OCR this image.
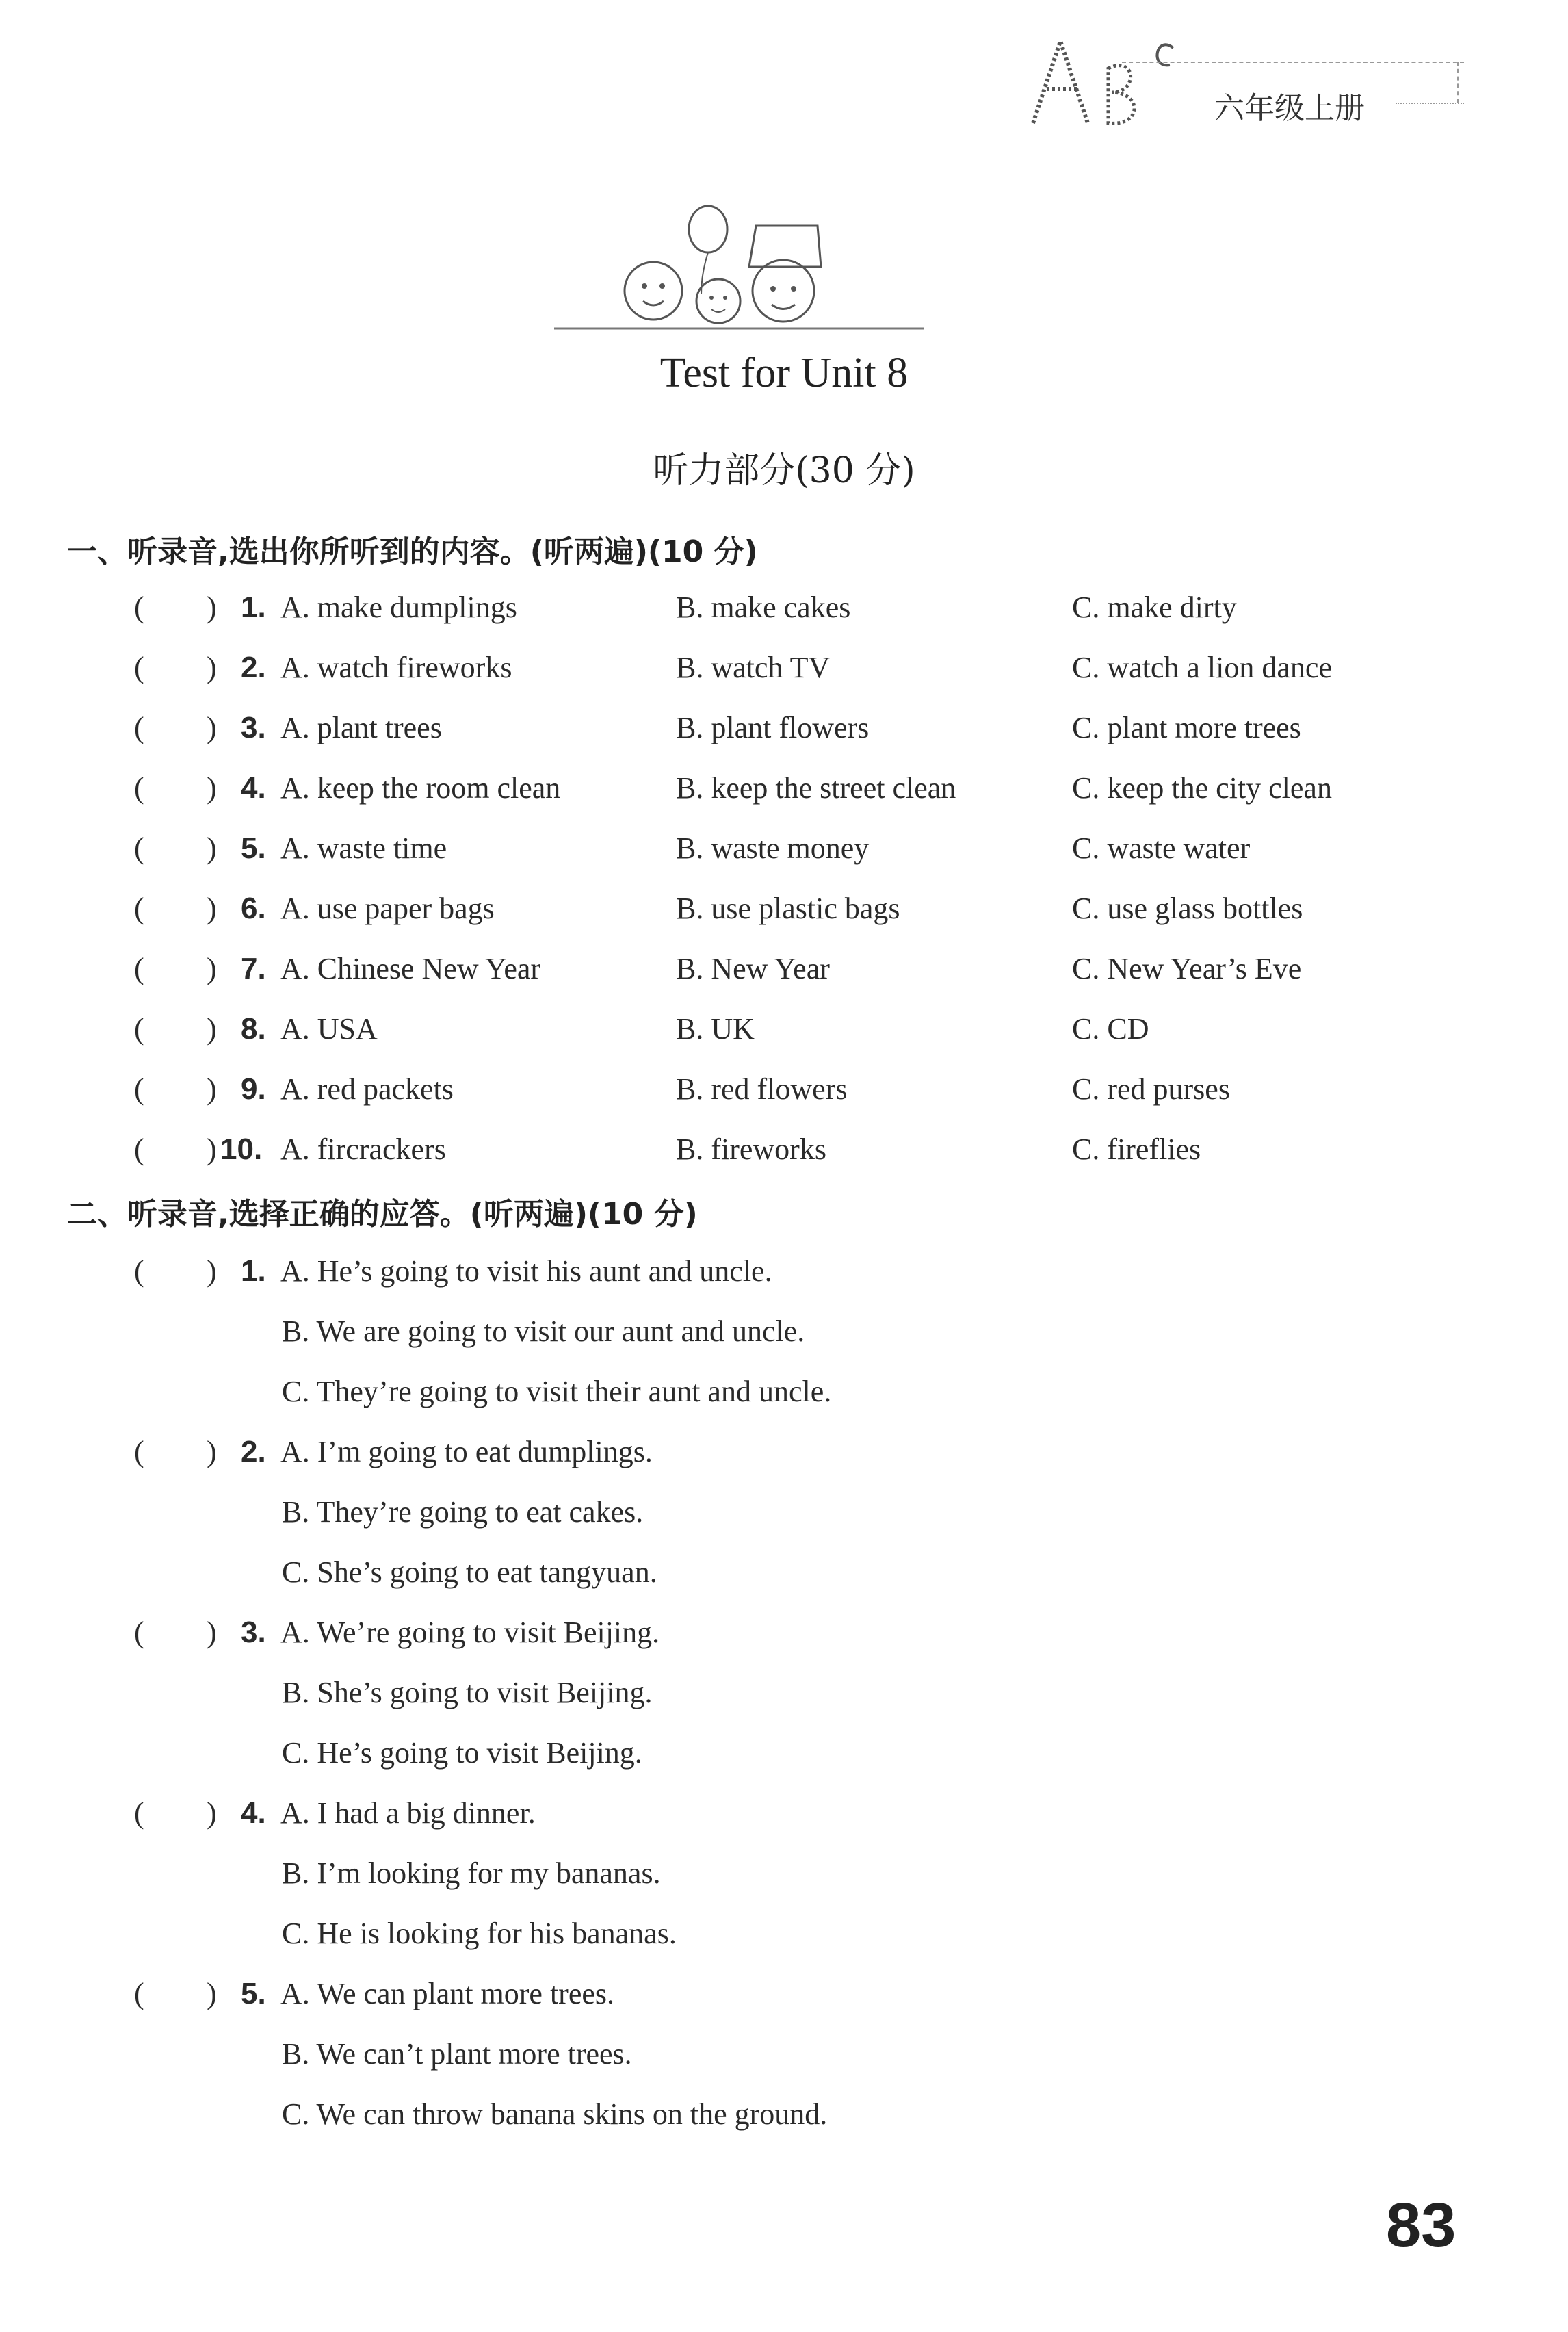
六年级上册
Test for Unit 8
听力部分(30 分)
一、听录音,选出你所听到的内容。(听两遍)(10 分)
( ) 1. A. make dumplings	B. make cakes	C. make dirty
( ) 2. A. watch fireworks	B. watch TV	C. watch a lion dance
( ) 3. A. plant trees	B. plant flowers	C. plant more trees
( ) 4. A. keep the room clean	B. keep the street clean	C. keep the city clean
( ) 5. A. waste time	B. waste money	C. waste water
( ) 6. A. use paper bags	B. use plastic bags	C. use glass bottles
( ) 7. A. Chinese New Year	B. New Year	C. New Year’s Eve
( ) 8. A. USA	B. UK	C. CD
( ) 9. A. red packets	B. red flowers	C. red purses
( ) 10. A. fircrackers	B. fireworks	C. fireflies
二、听录音,选择正确的应答。(听两遍)(10 分)
( ) 1. A. He’s going to visit his aunt and uncle.
B. We are going to visit our aunt and uncle.
C. They’re going to visit their aunt and uncle.
( ) 2. A. I’m going to eat dumplings.
B. They’re going to eat cakes.
C. She’s going to eat tangyuan.
( ) 3. A. We’re going to visit Beijing.
B. She’s going to visit Beijing.
C. He’s going to visit Beijing.
( ) 4. A. I had a big dinner.
B. I’m looking for my bananas.
C. He is looking for his bananas.
( ) 5. A. We can plant more trees.
B. We can’t plant more trees.
C. We can throw banana skins on the ground.
83
